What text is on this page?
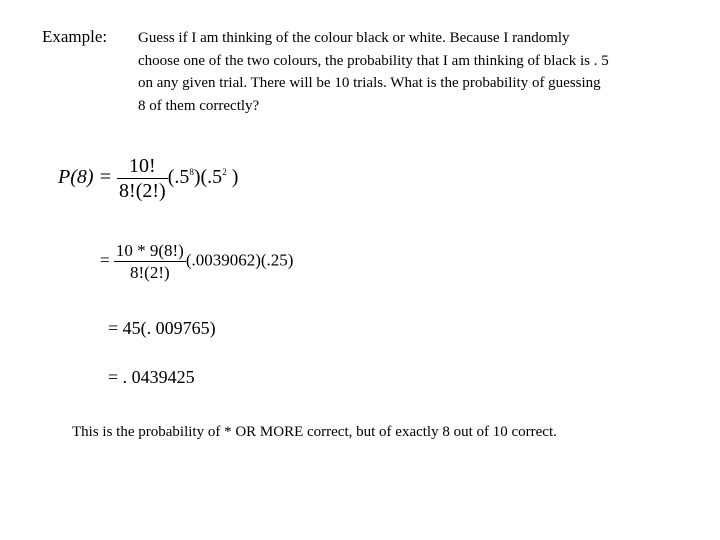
Example: Guess if I am thinking of the colour black or white. Because I randomly
choose one of the two colours, the probability that I am thinking of black is . 5
on any given trial. There will be 10 trials. What is the probability of guessing
8 of them correctly?
$P(8) = \frac{10!}{8!(2!)} (.5^8)(.5^2$ )
= $\frac{10 * 9(8!)}{8!(2!)} (.0039062)(.25)$
= 45(. 009765)
= . 0439425
This is the probability of * OR MORE correct, but of exactly 8 out of 10 correct.
